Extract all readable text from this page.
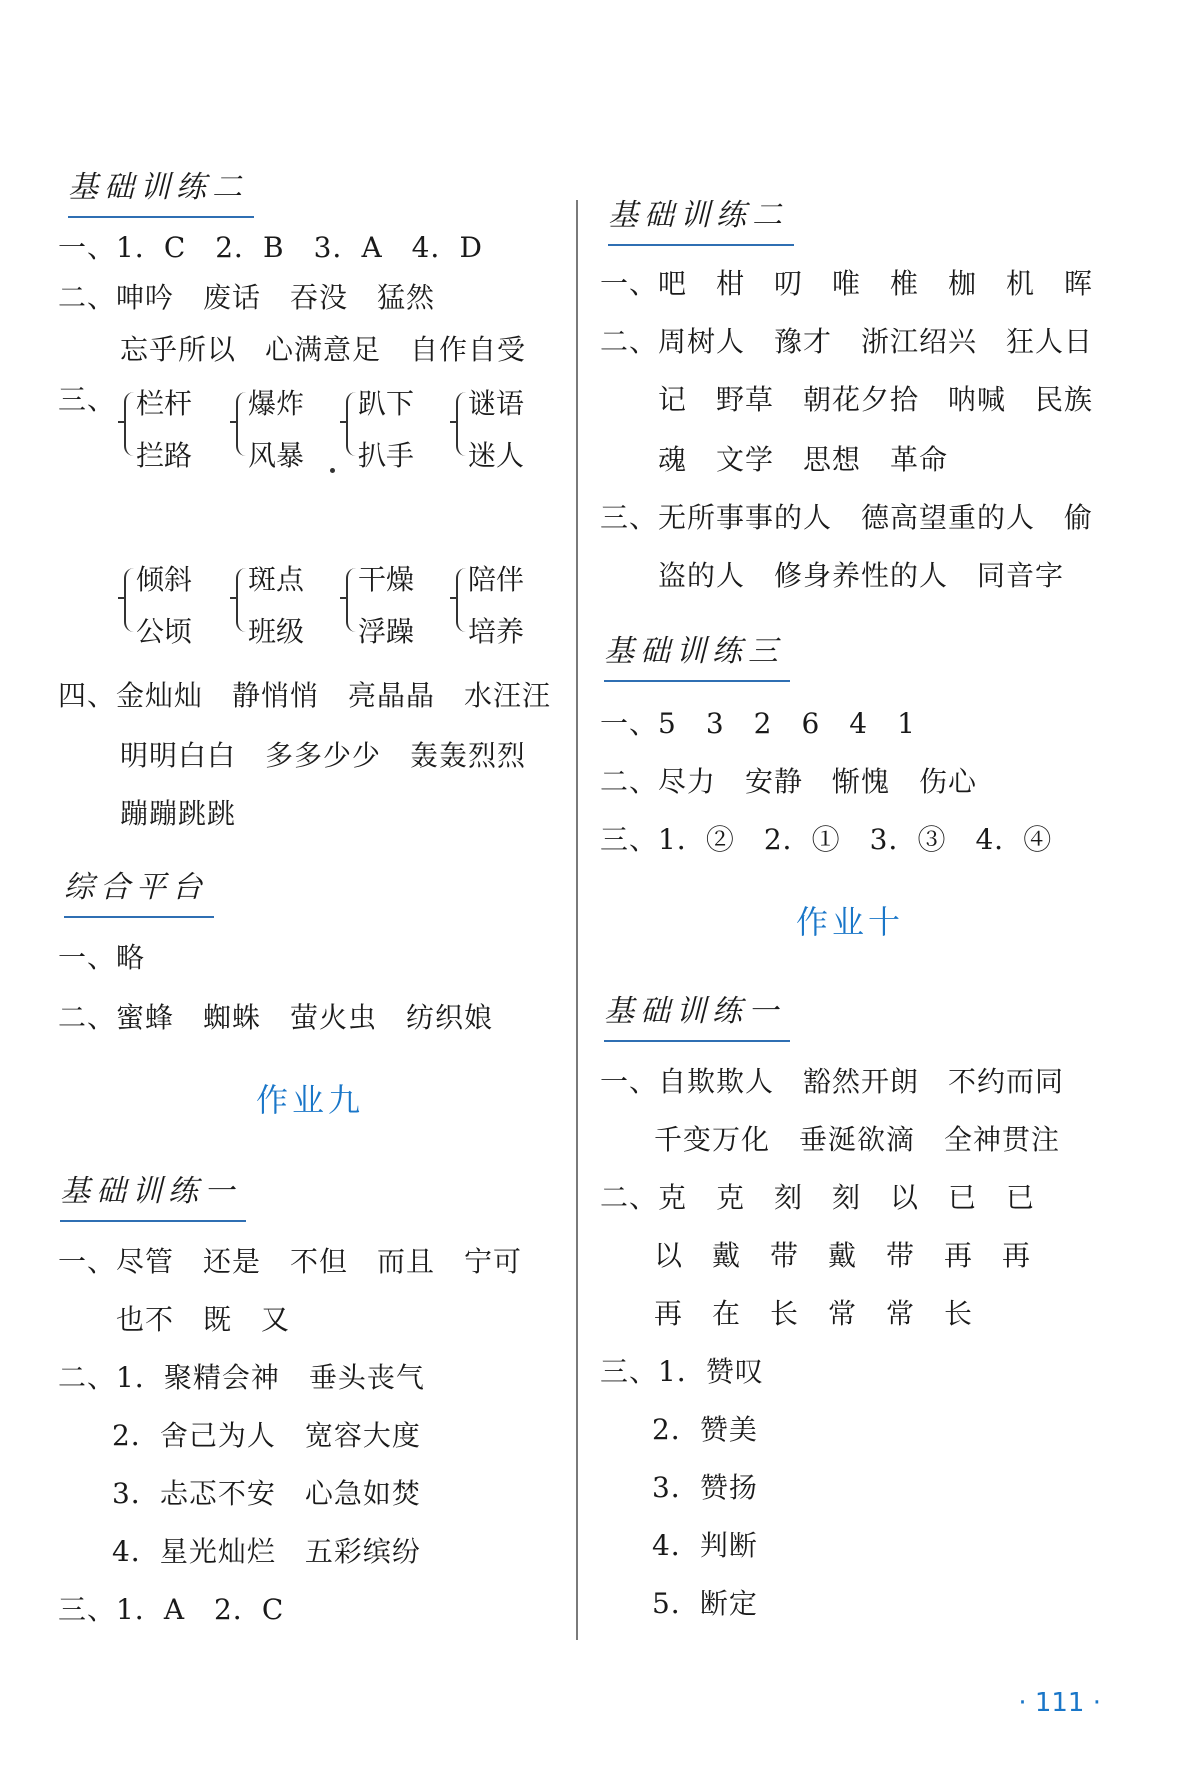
基础训练二
一、1．C　2．B　3．A　4．D
二、呻吟　废话　吞没　猛然
忘乎所以　心满意足　自作自受
三、 栏杆
拦路
爆炸
风暴
趴下
扒手
谜语
迷人
倾斜
公顷
斑点
班级
干燥
浮躁
陪伴
培养
四、金灿灿　静悄悄　亮晶晶　水汪汪
明明白白　多多少少　轰轰烈烈
蹦蹦跳跳
综合平台
一、略
二、蜜蜂　蜘蛛　萤火虫　纺织娘
作业九
基础训练一
一、尽管　还是　不但　而且　宁可
也不　既　又
二、1．聚精会神　垂头丧气
2．舍己为人　宽容大度
3．忐忑不安　心急如焚
4．星光灿烂　五彩缤纷
三、1．A　2．C
基础训练二
一、吧　柑　叨　唯　椎　枷　机　晖
二、周树人　豫才　浙江绍兴　狂人日
记　野草　朝花夕拾　呐喊　民族
魂　文学　思想　革命
三、无所事事的人　德高望重的人　偷
盗的人　修身养性的人　同音字
基础训练三
一、5　3　2　6　4　1
二、尽力　安静　惭愧　伤心
三、1．②　2．①　3．③　4．④
作业十
基础训练一
一、自欺欺人　豁然开朗　不约而同
千变万化　垂涎欲滴　全神贯注
二、克　克　刻　刻　以　已　已
以　戴　带　戴　带　再　再
再　在　长　常　常　长
三、1．赞叹
2．赞美
3．赞扬
4．判断
5．断定
· 111 ·
